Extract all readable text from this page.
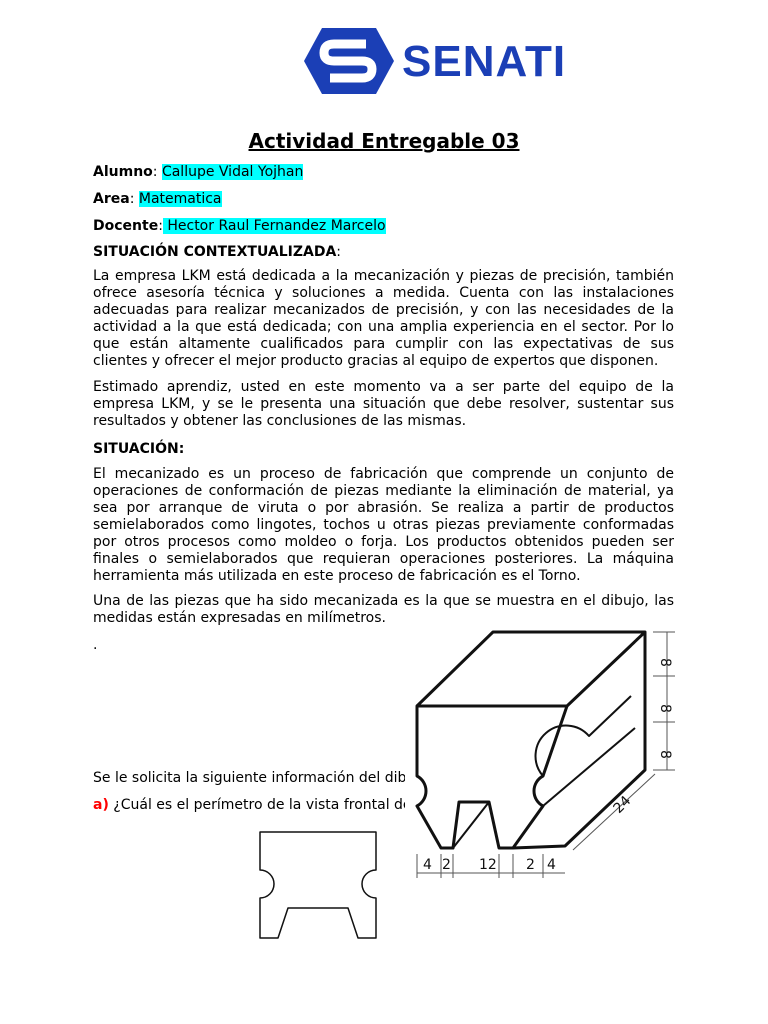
SENATI
Actividad Entregable 03
Alumno: Callupe Vidal Yojhan
Area: Matematica
Docente: Hector Raul Fernandez Marcelo
SITUACIÓN CONTEXTUALIZADA:
La empresa LKM está dedicada a la mecanización y piezas de precisión, también ofrece asesoría técnica y soluciones a medida. Cuenta con las instalaciones adecuadas para realizar mecanizados de precisión, y con las necesidades de la actividad a la que está dedicada; con una amplia experiencia en el sector. Por lo que están altamente cualificados para cumplir con las expectativas de sus clientes y ofrecer el mejor producto gracias al equipo de expertos que disponen.
Estimado aprendiz, usted en este momento va a ser parte del equipo de la empresa LKM, y se le presenta una situación que debe resolver, sustentar sus resultados y obtener las conclusiones de las mismas.
SITUACIÓN:
El mecanizado es un proceso de fabricación que comprende un conjunto de operaciones de conformación de piezas mediante la eliminación de material, ya sea por arranque de viruta o por abrasión. Se realiza a partir de productos semielaborados como lingotes, tochos u otras piezas previamente conformadas por otros procesos como moldeo o forja. Los productos obtenidos pueden ser finales o semielaborados que requieran operaciones posteriores. La máquina herramienta más utilizada en este proceso de fabricación es el Torno.
Una de las piezas que ha sido mecanizada es la que se muestra en el dibujo, las medidas están expresadas en milímetros.
.
Se le solicita la siguiente información del dibu
a) ¿Cuál es el perímetro de la vista frontal de
8
8
8
24
4 2 12 2 4
